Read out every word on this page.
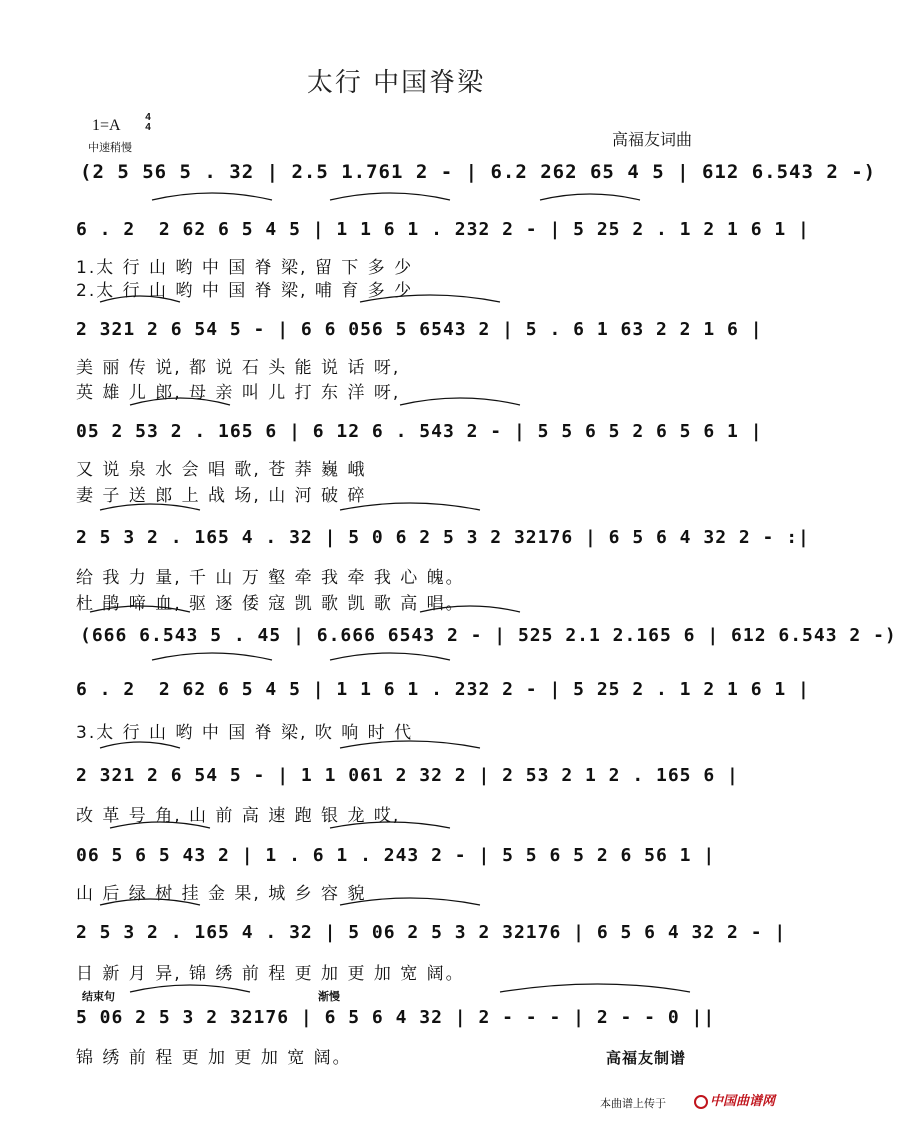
太行 中国脊梁
1=A 4
4
中速稍慢	高福友词曲
(2 5 56 5 . 32 | 2.5 1.761 2 - | 6.2 262 65 4 5 | 612 6.543 2 -)
6 . 2  2 62 6 5 4 5 | 1 1 6 1 . 232 2 - | 5 25 2 . 1 2 1 6 1 |
1.太 行 山 哟 中 国 脊 梁, 留 下 多 少
2.太 行 山 哟 中 国 脊 梁, 哺 育 多 少
2 321 2 6 54 5 - | 6 6 056 5 6543 2 | 5 . 6 1 63 2 2 1 6 |
美 丽 传 说, 都 说 石 头 能 说 话 呀,
英 雄 儿 郎, 母 亲 叫 儿 打 东 洋 呀,
05 2 53 2 . 165 6 | 6 12 6 . 543 2 - | 5 5 6 5 2 6 5 6 1 |
又 说 泉 水 会 唱 歌, 苍 莽 巍 峨
妻 子 送 郎 上 战 场, 山 河 破 碎
2 5 3 2 . 165 4 . 32 | 5 0 6 2 5 3 2 32176 | 6 5 6 4 32 2 - :|
给 我 力 量, 千 山 万 壑 牵 我 牵 我 心 魄。
杜 鹃 啼 血, 驱 逐 倭 寇 凯 歌 凯 歌 高 唱。
(666 6.543 5 . 45 | 6.666 6543 2 - | 525 2.1 2.165 6 | 612 6.543 2 -)
6 . 2  2 62 6 5 4 5 | 1 1 6 1 . 232 2 - | 5 25 2 . 1 2 1 6 1 |
3.太 行 山 哟 中 国 脊 梁, 吹 响 时 代
2 321 2 6 54 5 - | 1 1 061 2 32 2 | 2 53 2 1 2 . 165 6 |
改 革 号 角, 山 前 高 速 跑 银 龙 哎,
06 5 6 5 43 2 | 1 . 6 1 . 243 2 - | 5 5 6 5 2 6 56 1 |
山 后 绿 树 挂 金 果, 城 乡 容 貌
2 5 3 2 . 165 4 . 32 | 5 06 2 5 3 2 32176 | 6 5 6 4 32 2 - |
日 新 月 异, 锦 绣 前 程 更 加 更 加 宽 阔。
结束句	渐慢
5 06 2 5 3 2 32176 | 6 5 6 4 32 | 2 - - - | 2 - - 0 ||
锦 绣 前 程 更 加 更 加 宽 阔。	高福友制谱
本曲谱上传于	中国曲谱网
